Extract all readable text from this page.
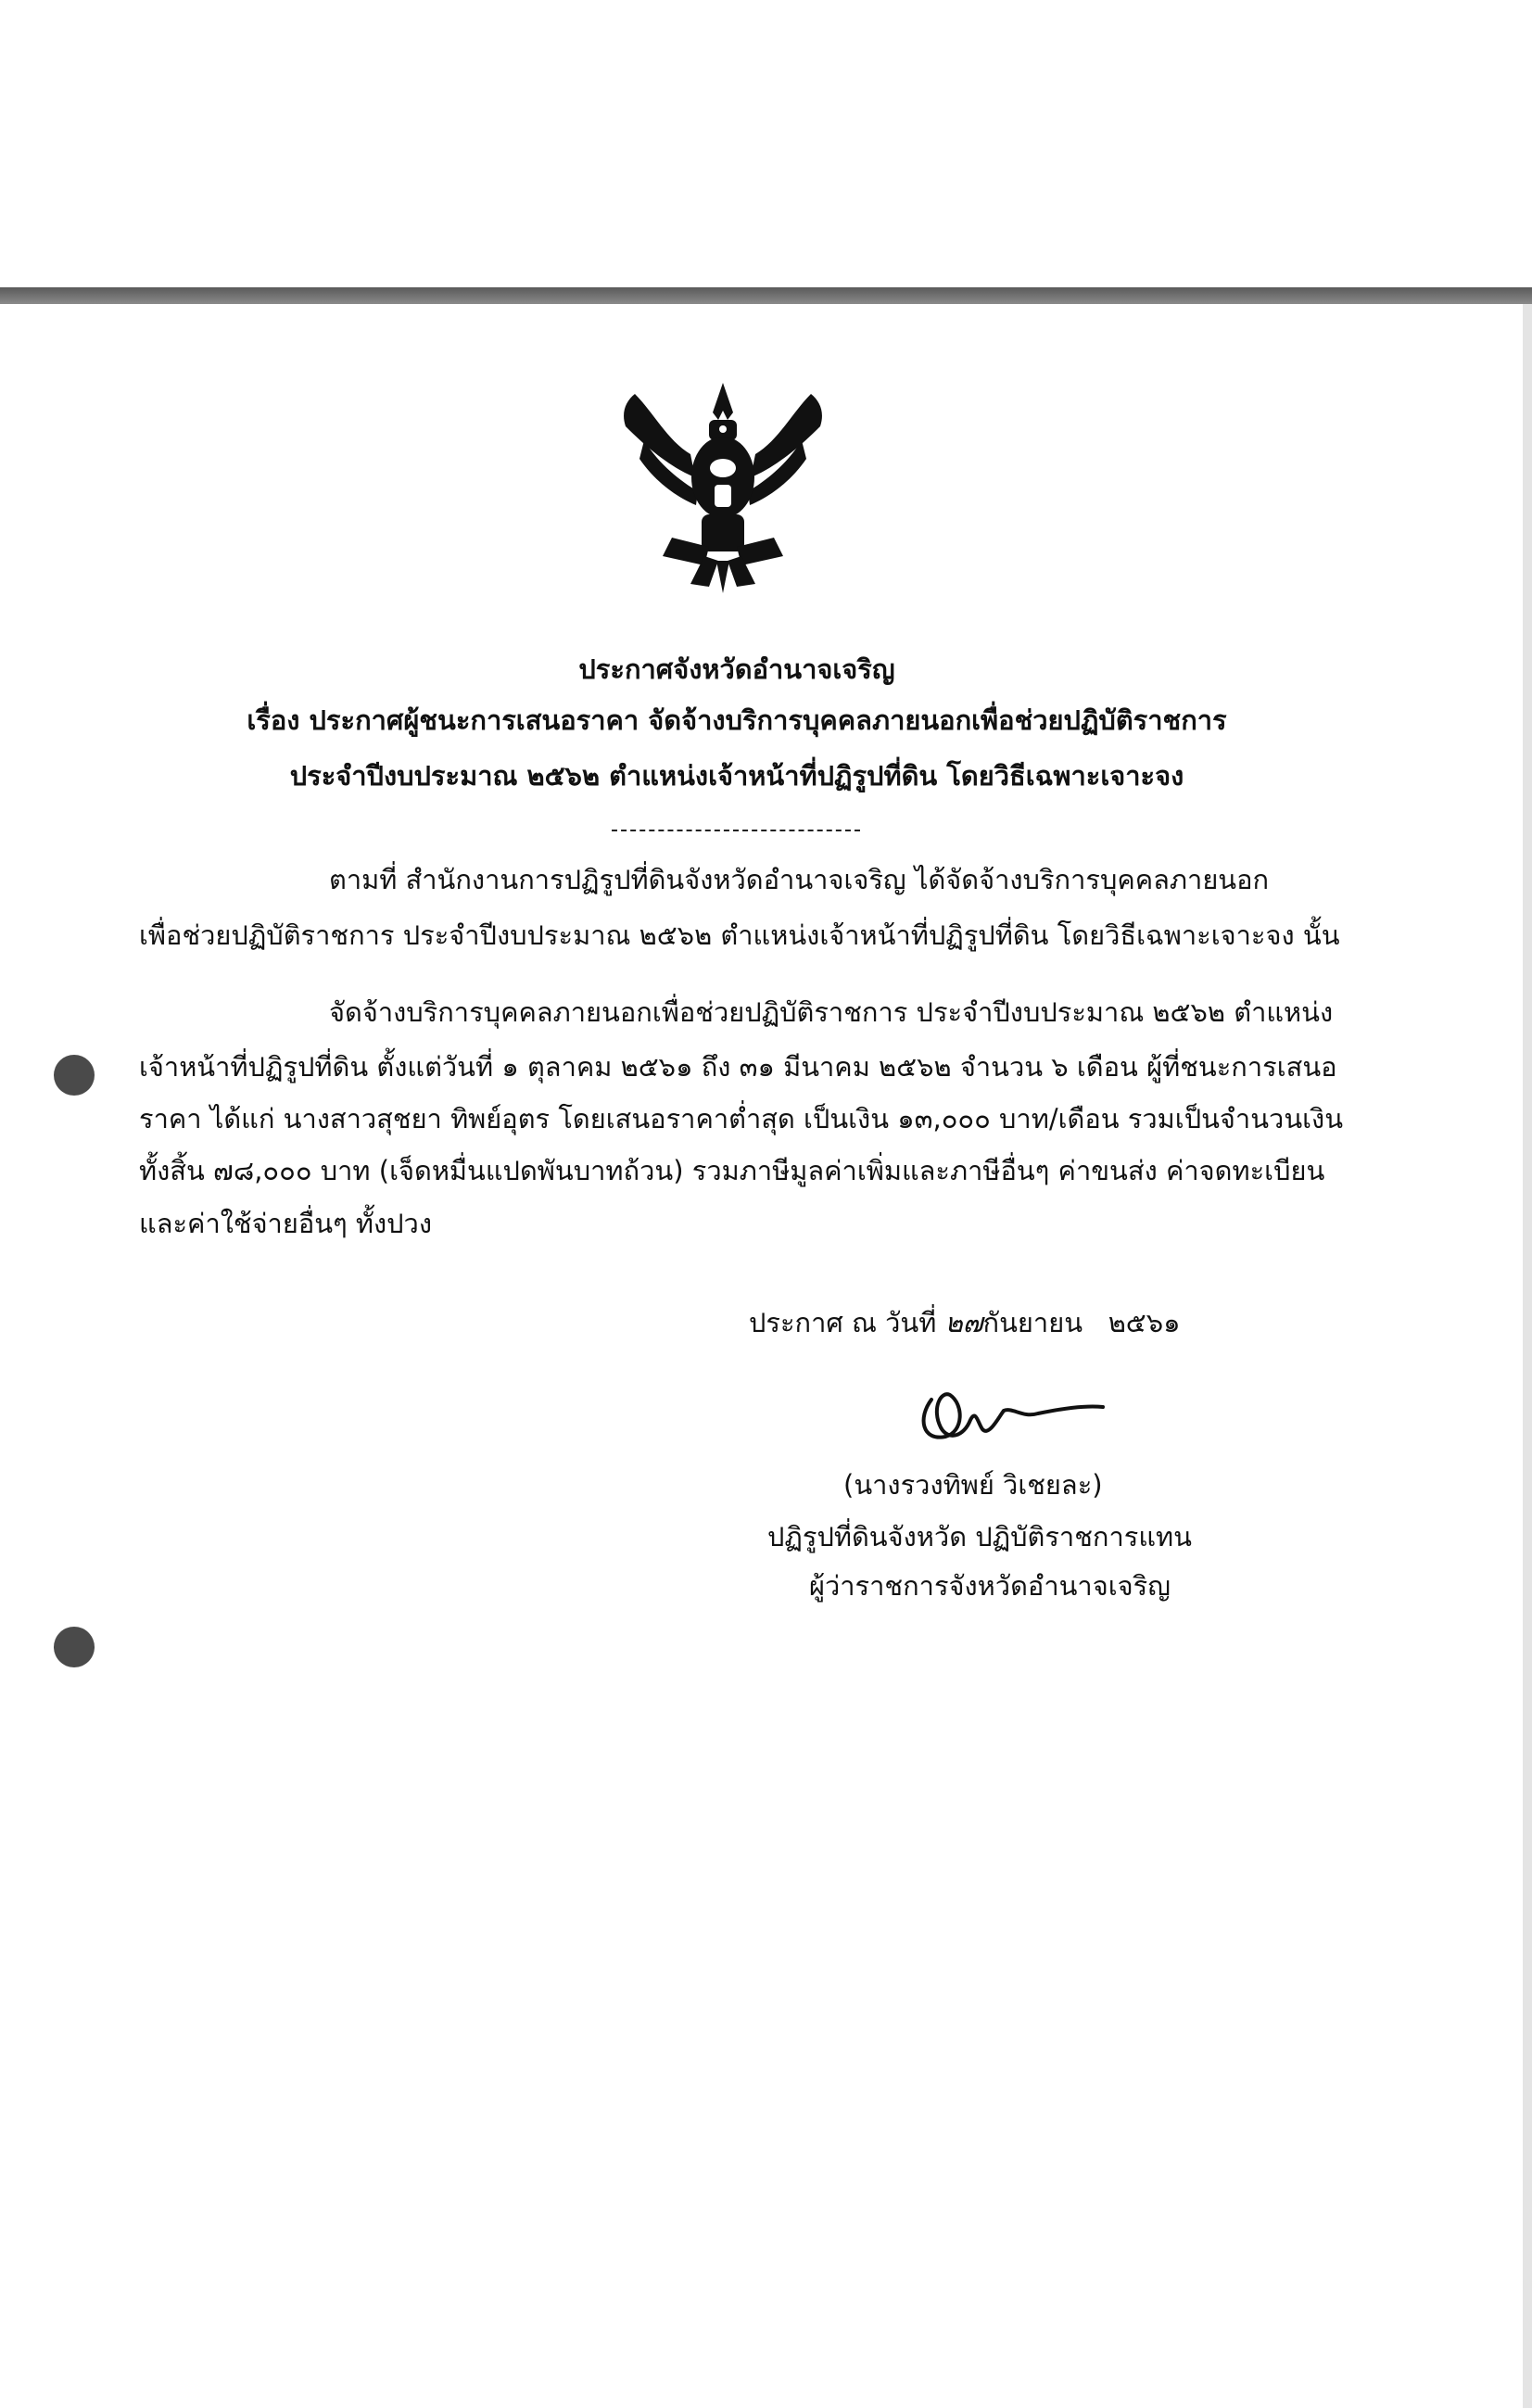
ประกาศจังหวัดอำนาจเจริญ
เรื่อง ประกาศผู้ชนะการเสนอราคา จัดจ้างบริการบุคคลภายนอกเพื่อช่วยปฏิบัติราชการ
ประจำปีงบประมาณ ๒๕๖๒ ตำแหน่งเจ้าหน้าที่ปฏิรูปที่ดิน โดยวิธีเฉพาะเจาะจง
ตามที่ สำนักงานการปฏิรูปที่ดินจังหวัดอำนาจเจริญ ได้จัดจ้างบริการบุคคลภายนอก
เพื่อช่วยปฏิบัติราชการ ประจำปีงบประมาณ ๒๕๖๒ ตำแหน่งเจ้าหน้าที่ปฏิรูปที่ดิน โดยวิธีเฉพาะเจาะจง นั้น
จัดจ้างบริการบุคคลภายนอกเพื่อช่วยปฏิบัติราชการ ประจำปีงบประมาณ ๒๕๖๒ ตำแหน่ง
เจ้าหน้าที่ปฏิรูปที่ดิน ตั้งแต่วันที่ ๑ ตุลาคม ๒๕๖๑ ถึง ๓๑ มีนาคม ๒๕๖๒ จำนวน ๖ เดือน ผู้ที่ชนะการเสนอ
ราคา ได้แก่ นางสาวสุชยา ทิพย์อุตร โดยเสนอราคาต่ำสุด เป็นเงิน ๑๓,๐๐๐ บาท/เดือน รวมเป็นจำนวนเงิน
ทั้งสิ้น ๗๘,๐๐๐ บาท (เจ็ดหมื่นแปดพันบาทถ้วน) รวมภาษีมูลค่าเพิ่มและภาษีอื่นๆ ค่าขนส่ง ค่าจดทะเบียน
และค่าใช้จ่ายอื่นๆ ทั้งปวง
ประกาศ ณ วันที่ ๒๗กันยายน ๒๕๖๑
(นางรวงทิพย์ วิเชยละ)
ปฏิรูปที่ดินจังหวัด ปฏิบัติราชการแทน
ผู้ว่าราชการจังหวัดอำนาจเจริญ
